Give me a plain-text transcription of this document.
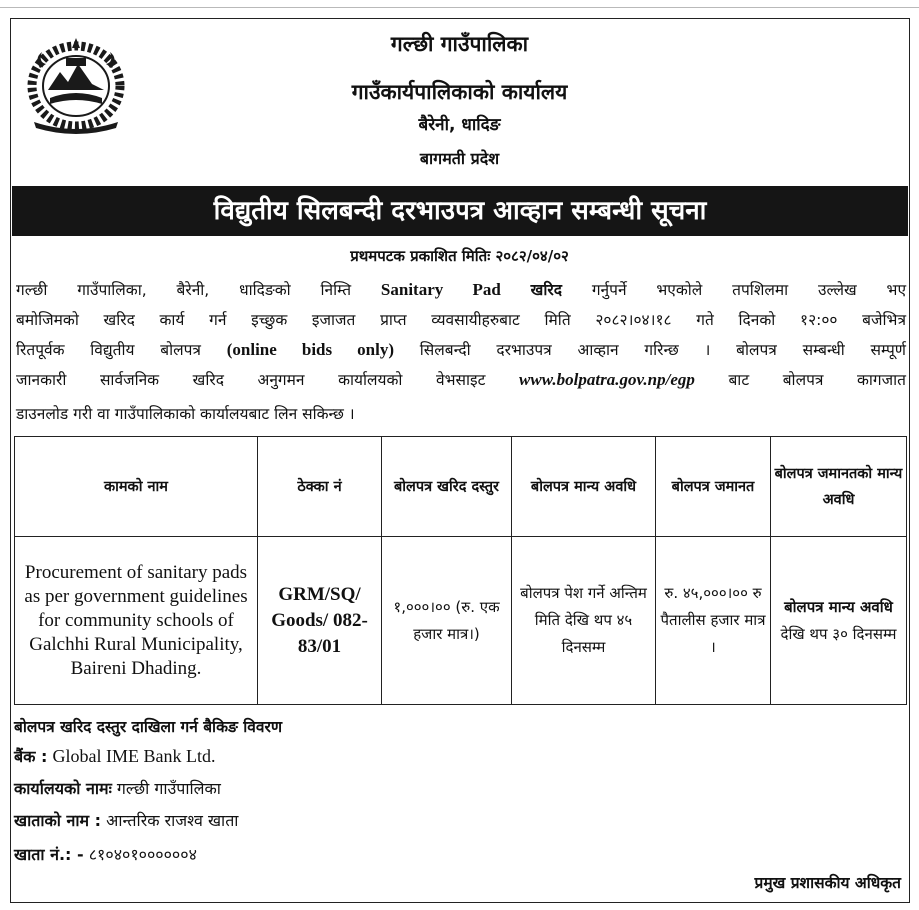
गल्छी गाउँपालिका
गाउँकार्यपालिकाको कार्यालय
बैरेनी, धादिङ
बागमती प्रदेश
विद्युतीय सिलबन्दी दरभाउपत्र आव्हान सम्बन्धी सूचना
प्रथमपटक प्रकाशित मितिः २०८२/०४/०२
गल्छी गाउँपालिका, बैरेनी, धादिङको निम्ति Sanitary Pad खरिद गर्नुपर्ने भएकोले तपशिलमा उल्लेख भए
बमोजिमको खरिद कार्य गर्न इच्छुक इजाजत प्राप्त व्यवसायीहरुबाट मिति २०८२।०४।१८ गते दिनको १२:०० बजेभित्र
रितपूर्वक विद्युतीय बोलपत्र (online bids only) सिलबन्दी दरभाउपत्र आव्हान गरिन्छ । बोलपत्र सम्बन्धी सम्पूर्ण
जानकारी सार्वजनिक खरिद अनुगमन कार्यालयको वेभसाइट www.bolpatra.gov.np/egp बाट बोलपत्र कागजात
डाउनलोड गरी वा गाउँपालिकाको कार्यालयबाट लिन सकिन्छ ।
कामको नाम	ठेक्का नं	बोलपत्र खरिद दस्तुर	बोलपत्र मान्य अवधि	बोलपत्र जमानत	बोलपत्र जमानतको मान्य अवधि
Procurement of sanitary pads as per government guidelines for community schools of Galchhi Rural Municipality, Baireni Dhading.	GRM/SQ/ Goods/ 082-83/01	१,०००।०० (रु. एक हजार मात्र।)	बोलपत्र पेश गर्ने अन्तिम मिति देखि थप ४५ दिनसम्म	रु. ४५,०००।०० रु पैतालीस हजार मात्र ।	बोलपत्र मान्य अवधि देखि थप ३० दिनसम्म
बोलपत्र खरिद दस्तुर दाखिला गर्न बैकिङ विवरण
बैंक : Global IME Bank Ltd.
कार्यालयको नामः गल्छी गाउँपालिका
खाताको नाम : आन्तरिक राजश्व खाता
खाता नं.: - ८१०४०१००००००४
प्रमुख प्रशासकीय अधिकृत
